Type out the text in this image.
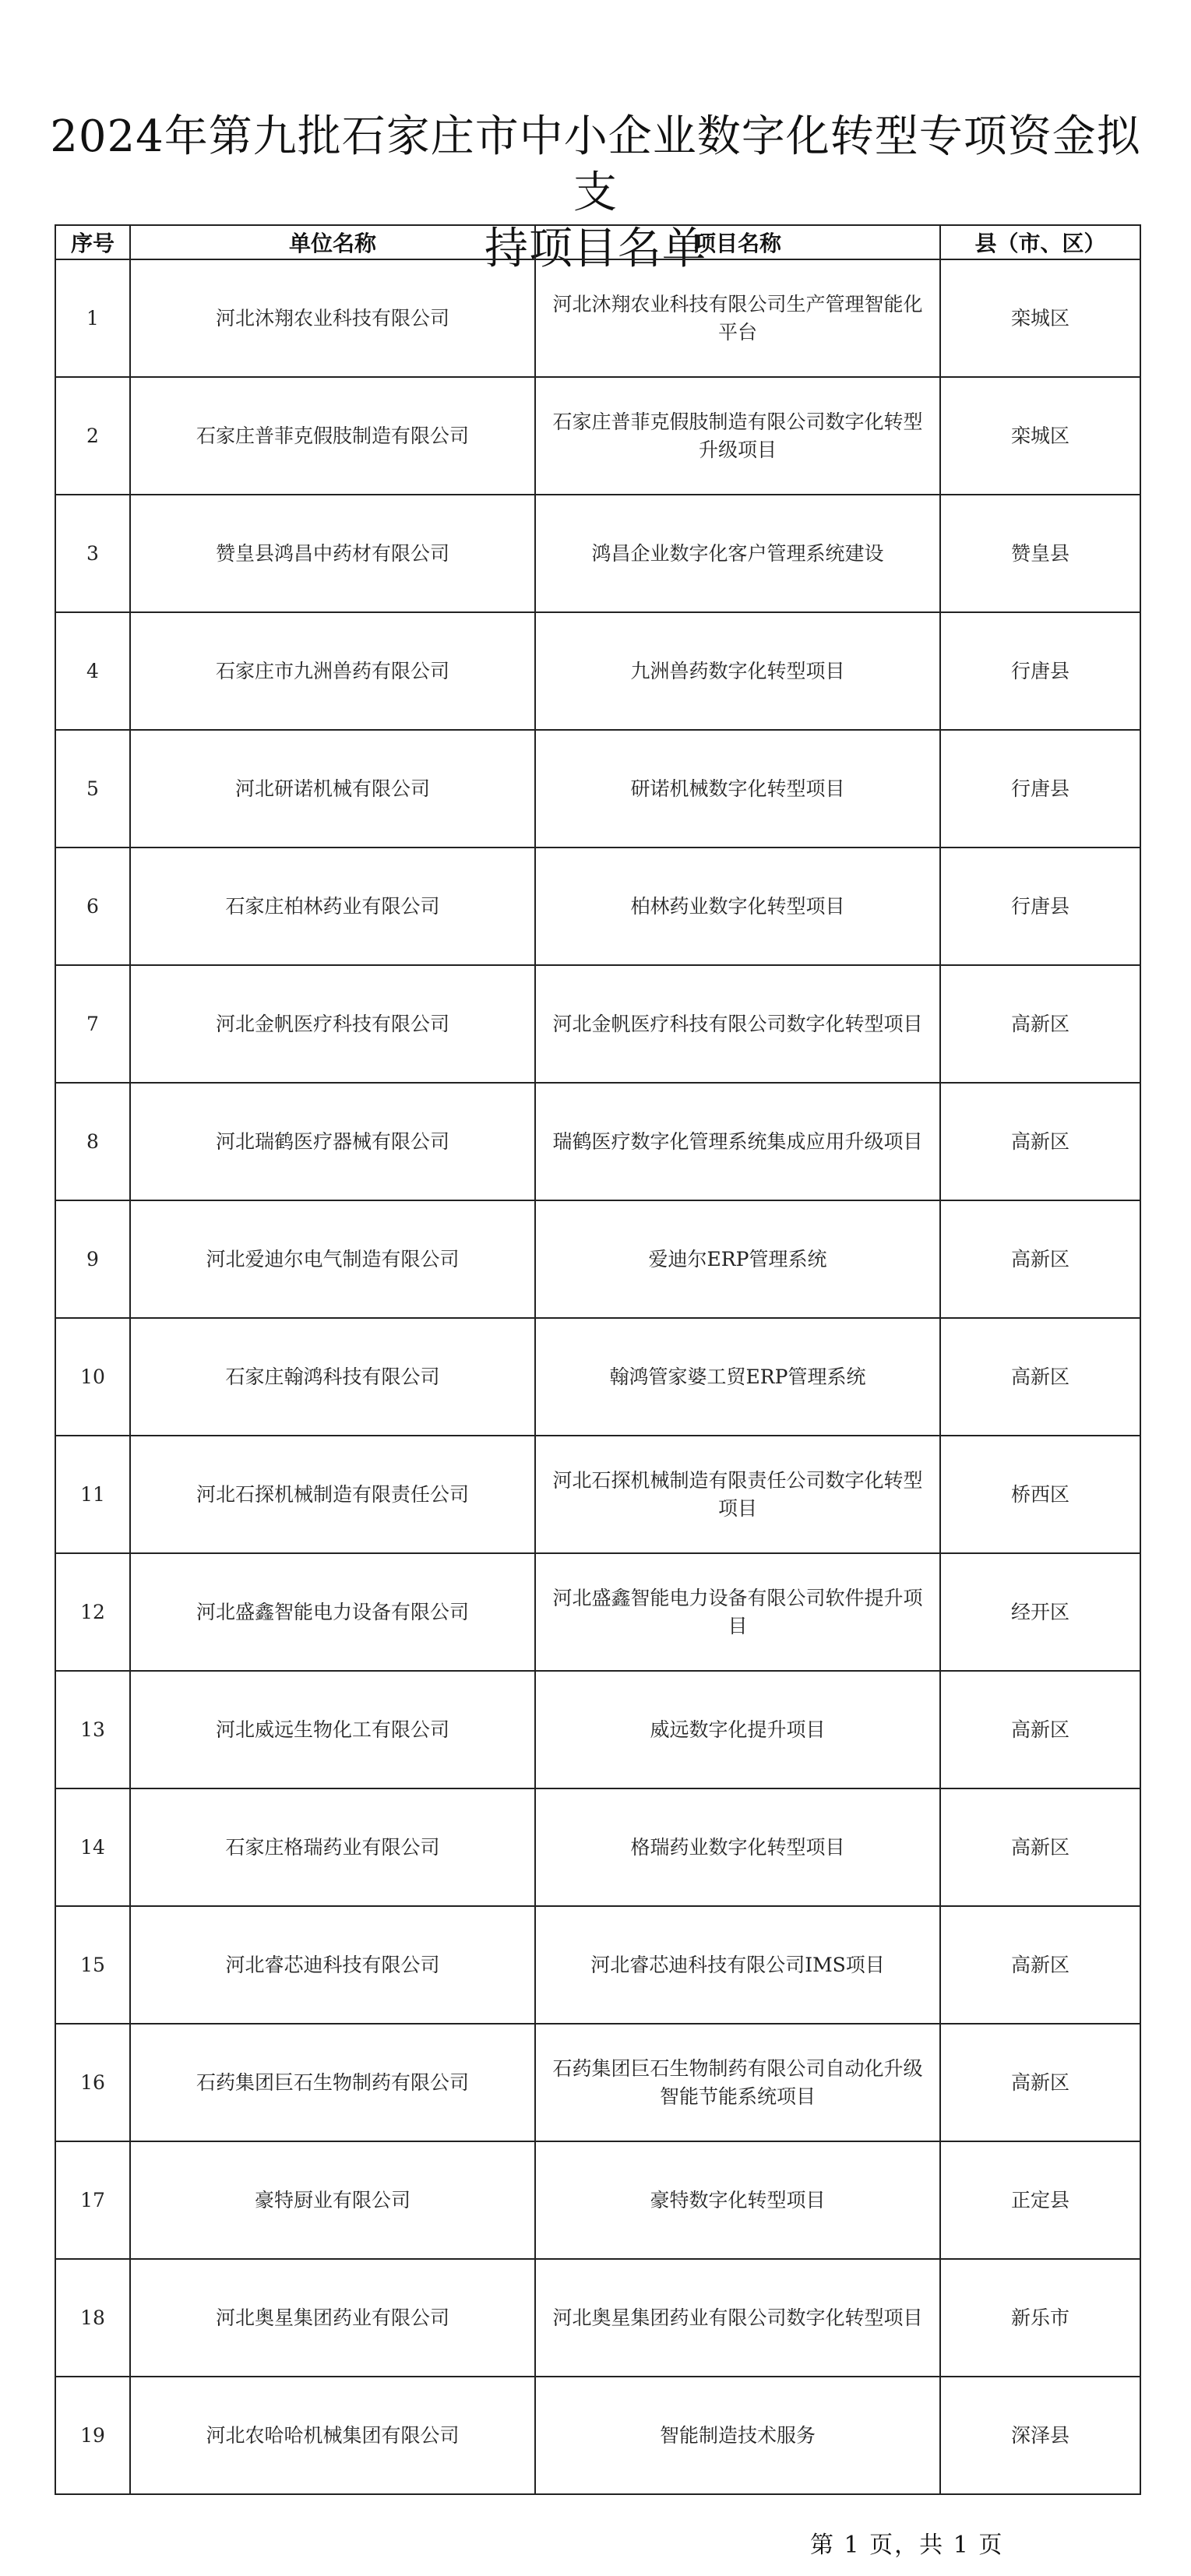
2024年第九批石家庄市中小企业数字化转型专项资金拟支
持项目名单
序号	单位名称	项目名称	县（市、区）
1	河北沐翔农业科技有限公司	河北沐翔农业科技有限公司生产管理智能化平台	栾城区
2	石家庄普菲克假肢制造有限公司	石家庄普菲克假肢制造有限公司数字化转型升级项目	栾城区
3	赞皇县鸿昌中药材有限公司	鸿昌企业数字化客户管理系统建设	赞皇县
4	石家庄市九洲兽药有限公司	九洲兽药数字化转型项目	行唐县
5	河北研诺机械有限公司	研诺机械数字化转型项目	行唐县
6	石家庄柏林药业有限公司	柏林药业数字化转型项目	行唐县
7	河北金帆医疗科技有限公司	河北金帆医疗科技有限公司数字化转型项目	高新区
8	河北瑞鹤医疗器械有限公司	瑞鹤医疗数字化管理系统集成应用升级项目	高新区
9	河北爱迪尔电气制造有限公司	爱迪尔ERP管理系统	高新区
10	石家庄翰鸿科技有限公司	翰鸿管家婆工贸ERP管理系统	高新区
11	河北石探机械制造有限责任公司	河北石探机械制造有限责任公司数字化转型项目	桥西区
12	河北盛鑫智能电力设备有限公司	河北盛鑫智能电力设备有限公司软件提升项目	经开区
13	河北威远生物化工有限公司	威远数字化提升项目	高新区
14	石家庄格瑞药业有限公司	格瑞药业数字化转型项目	高新区
15	河北睿芯迪科技有限公司	河北睿芯迪科技有限公司IMS项目	高新区
16	石药集团巨石生物制药有限公司	石药集团巨石生物制药有限公司自动化升级智能节能系统项目	高新区
17	豪特厨业有限公司	豪特数字化转型项目	正定县
18	河北奥星集团药业有限公司	河北奥星集团药业有限公司数字化转型项目	新乐市
19	河北农哈哈机械集团有限公司	智能制造技术服务	深泽县
第 1 页，共 1 页
